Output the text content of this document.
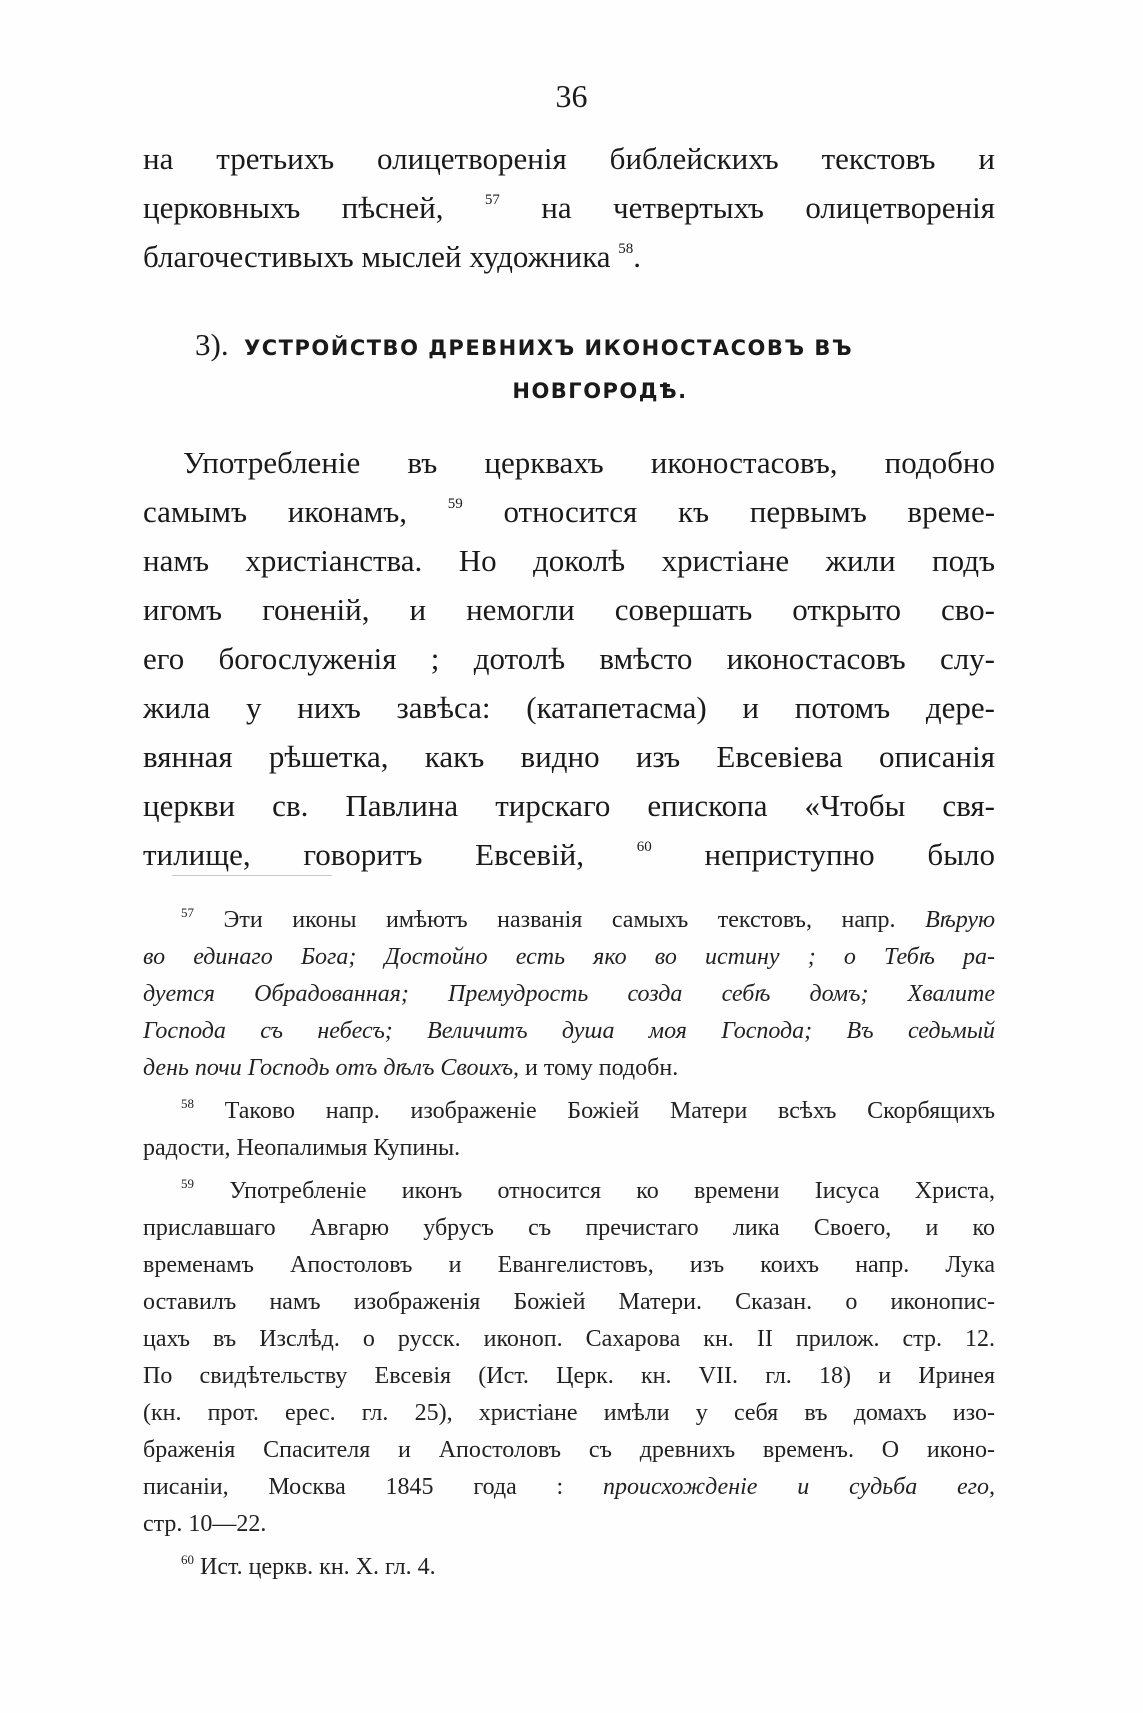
36
на третьихъ олицетворенія библейскихъ текстовъ и
церковныхъ пѣсней,	$^{57}$ на четвертыхъ олицетворенія
благочестивыхъ мыслей художника $^{58}$.
3). УСТРОЙСТВО ДРЕВНИХЪ ИКОНОСТАСОВЪ ВЪ
НОВГОРОДѢ.
Употребленіе въ церквахъ иконостасовъ, подобно
самымъ иконамъ,	$^{59}$ относится къ первымъ време-
намъ христіанства. Но доколѣ христіане жили подъ
игомъ гоненій, и немогли совершать открыто сво-
его богослуженія ; дотолѣ вмѣсто иконостасовъ слу-
жила у нихъ завѣса: (катапетасма) и потомъ дере-
вянная рѣшетка, какъ видно изъ Евсевіева описанія
церкви св. Павлина тирскаго епископа «Чтобы свя-
тилище, говоритъ Евсевій,	$^{60}$ неприступно было
$^{57}$ Эти иконы имѣютъ названія самыхъ текстовъ, напр. Вѣрую
во единаго Бога; Достойно есть яко во истину ; о Тебѣ ра-
дуется Обрадованная; Премудрость созда себѣ домъ; Хвалите
Господа съ небесъ; Величитъ душа моя Господа; Въ седьмый
день почи Господь отъ дѣлъ Своихъ, и тому подобн.
$^{58}$ Таково напр. изображеніе Божіей Матери всѣхъ Скорбящихъ
радости, Неопалимыя Купины.
$^{59}$ Употребленіе иконъ относится ко времени Іисуса Христа,
приславшаго Авгарю убрусъ съ пречистаго лика Своего, и ко
временамъ Апостоловъ и Евангелистовъ, изъ коихъ напр. Лука
оставилъ намъ изображенія Божіей Матери. Сказан. о иконопис-
цахъ въ Изслѣд. о русск. иконоп. Сахарова кн. II прилож. стр. 12.
По свидѣтельству Евсевія (Ист. Церк. кн. VII. гл. 18) и Иринея
(кн. прот. ерес. гл. 25), христіане имѣли у себя въ домахъ изо-
браженія Спасителя и Апостоловъ съ древнихъ временъ. О иконо-
писаніи, Москва 1845 года : происхожденіе и судьба его,
стр. 10—22.
$^{60}$ Ист. церкв. кн. X. гл. 4.
